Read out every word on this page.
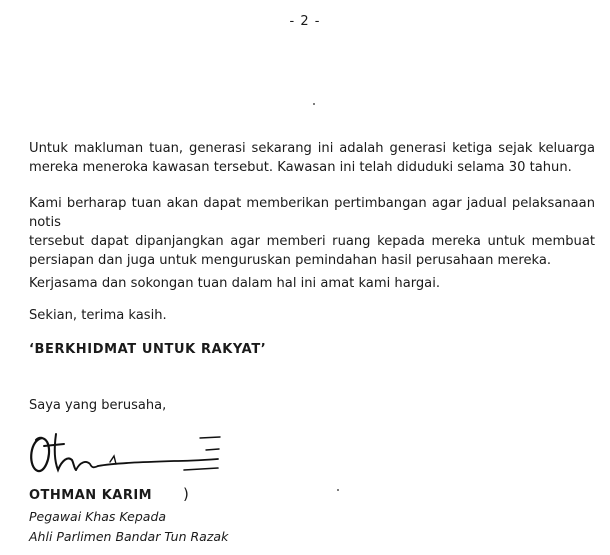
- 2 -

Untuk makluman tuan, generasi sekarang ini adalah generasi ketiga sejak keluarga
mereka meneroka kawasan tersebut. Kawasan ini telah diduduki selama 30 tahun.

Kami berharap tuan akan dapat memberikan pertimbangan agar jadual pelaksanaan notis
tersebut dapat dipanjangkan agar memberi ruang kepada mereka untuk membuat
persiapan dan juga untuk menguruskan pemindahan hasil perusahaan mereka.

Kerjasama dan sokongan tuan dalam hal ini amat kami hargai.

Sekian, terima kasih.

‘BERKHIDMAT UNTUK RAKYAT’
Saya yang berusaha,
OTHMAN KARIM )
Pegawai Khas Kepada
Ahli Parlimen Bandar Tun Razak
